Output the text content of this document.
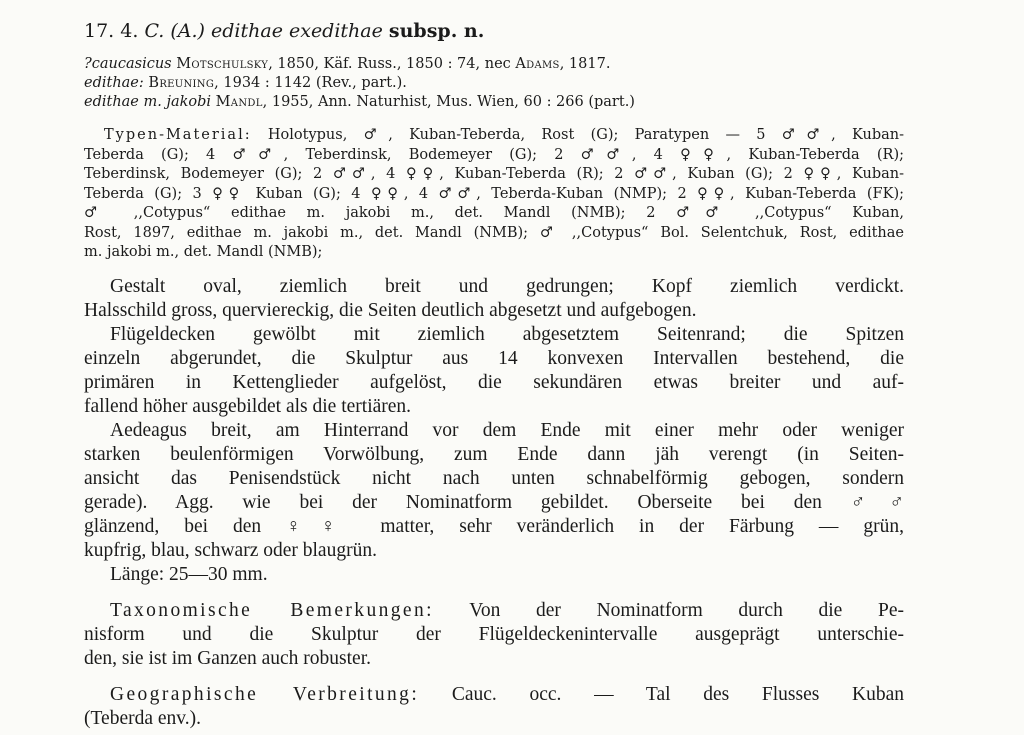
17. 4. C. (A.) edithae exedithae subsp. n.
?caucasicus Motschulsky, 1850, Käf. Russ., 1850 : 74, nec Adams, 1817.
edithae: Breuning, 1934 : 1142 (Rev., part.).
edithae m. jakobi Mandl, 1955, Ann. Naturhist, Mus. Wien, 60 : 266 (part.)
Typen-Material: Holotypus, ♂, Kuban-Teberda, Rost (G); Paratypen — 5 ♂♂, Kuban-
Teberda (G); 4 ♂♂, Teberdinsk, Bodemeyer (G); 2 ♂♂, 4 ♀♀, Kuban-Teberda (R);
Teberdinsk, Bodemeyer (G); 2 ♂♂, 4 ♀♀, Kuban-Teberda (R); 2 ♂♂, Kuban (G); 2 ♀♀, Kuban-
Teberda (G); 3 ♀♀ Kuban (G); 4 ♀♀, 4 ♂♂, Teberda-Kuban (NMP); 2 ♀♀, Kuban-Teberda (FK);
♂ ,,Cotypus“ edithae m. jakobi m., det. Mandl (NMB); 2 ♂♂ ,,Cotypus“ Kuban,
Rost, 1897, edithae m. jakobi m., det. Mandl (NMB); ♂ ,,Cotypus“ Bol. Selentchuk, Rost, edithae
m. jakobi m., det. Mandl (NMB);
Gestalt oval, ziemlich breit und gedrungen; Kopf ziemlich verdickt.
Halsschild gross, querviereckig, die Seiten deutlich abgesetzt und aufgebogen.
Flügeldecken gewölbt mit ziemlich abgesetztem Seitenrand; die Spitzen
einzeln abgerundet, die Skulptur aus 14 konvexen Intervallen bestehend, die
primären in Kettenglieder aufgelöst, die sekundären etwas breiter und auf-
fallend höher ausgebildet als die tertiären.
Aedeagus breit, am Hinterrand vor dem Ende mit einer mehr oder weniger
starken beulenförmigen Vorwölbung, zum Ende dann jäh verengt (in Seiten-
ansicht das Penisendstück nicht nach unten schnabelförmig gebogen, sondern
gerade). Agg. wie bei der Nominatform gebildet. Oberseite bei den ♂♂
glänzend, bei den ♀♀ matter, sehr veränderlich in der Färbung — grün,
kupfrig, blau, schwarz oder blaugrün.
Länge: 25—30 mm.
Taxonomische Bemerkungen: Von der Nominatform durch die Pe-
nisform und die Skulptur der Flügeldeckenintervalle ausgeprägt unterschie-
den, sie ist im Ganzen auch robuster.
Geographische Verbreitung: Cauc. occ. — Tal des Flusses Kuban
(Teberda env.).
